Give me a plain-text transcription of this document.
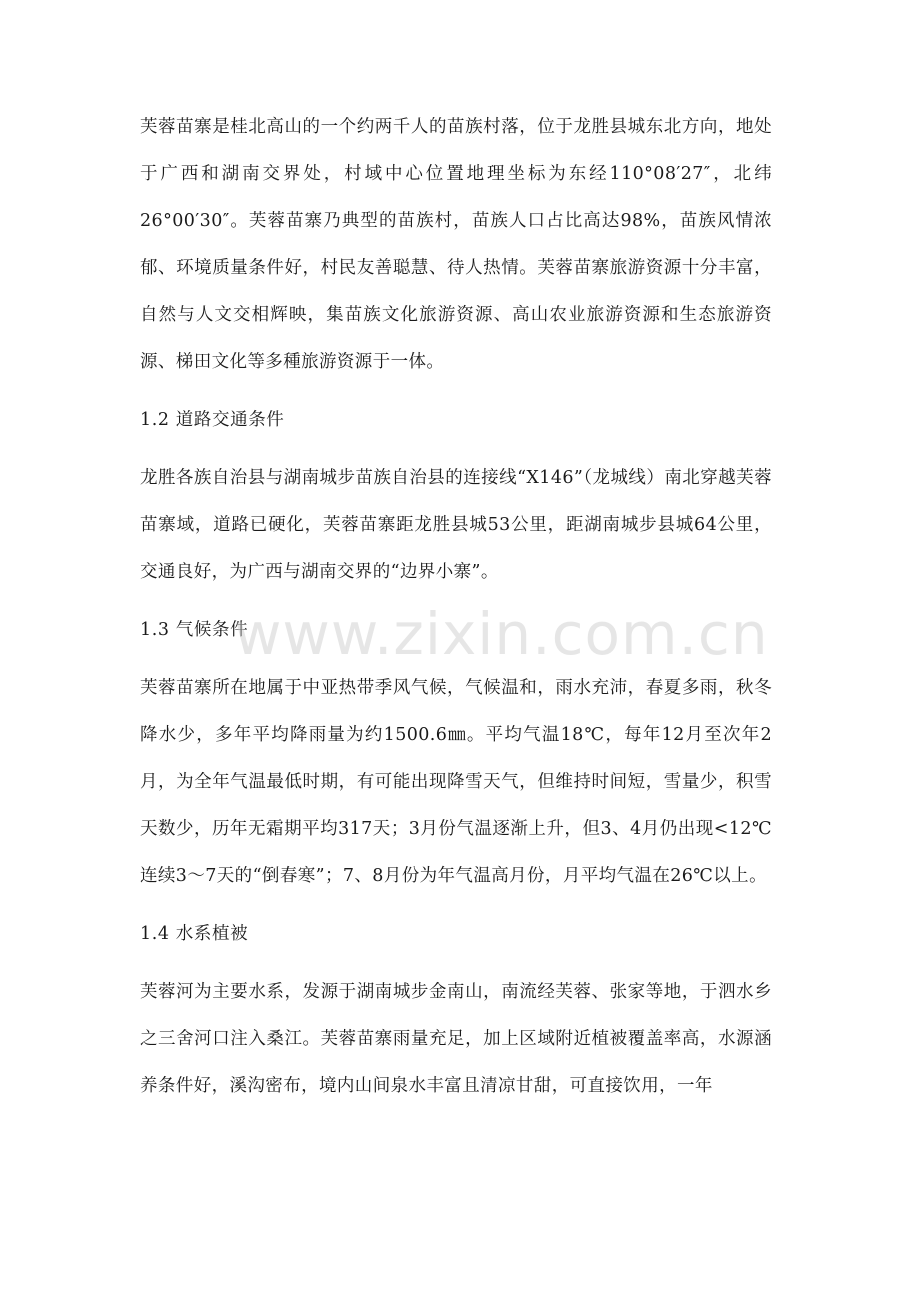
芙蓉苗寨是桂北高山的一个约两千人的苗族村落，位于龙胜县城东北方向，地处于广西和湖南交界处，村域中心位置地理坐标为东经110°08′27″，北纬26°00′30″。芙蓉苗寨乃典型的苗族村，苗族人口占比高达98%，苗族风情浓郁、环境质量条件好，村民友善聪慧、待人热情。芙蓉苗寨旅游资源十分丰富，自然与人文交相辉映，集苗族文化旅游资源、高山农业旅游资源和生态旅游资源、梯田文化等多種旅游资源于一体。

1.2 道路交通条件

龙胜各族自治县与湖南城步苗族自治县的连接线“X146”（龙城线）南北穿越芙蓉苗寨域，道路已硬化，芙蓉苗寨距龙胜县城53公里，距湖南城步县城64公里，交通良好，为广西与湖南交界的“边界小寨”。

1.3 气候条件

芙蓉苗寨所在地属于中亚热带季风气候，气候温和，雨水充沛，春夏多雨，秋冬降水少，多年平均降雨量为约1500.6㎜。平均气温18℃，每年12月至次年2月，为全年气温最低时期，有可能出现降雪天气，但维持时间短，雪量少，积雪天数少，历年无霜期平均317天；3月份气温逐渐上升，但3、4月仍出现<12℃连续3～7天的“倒春寒”；7、8月份为年气温高月份，月平均气温在26℃以上。

1.4 水系植被

芙蓉河为主要水系，发源于湖南城步金南山，南流经芙蓉、张家等地，于泗水乡之三舍河口注入桑江。芙蓉苗寨雨量充足，加上区域附近植被覆盖率高，水源涵养条件好，溪沟密布，境内山间泉水丰富且清凉甘甜，可直接饮用，一年

www.zixin.com.cn
